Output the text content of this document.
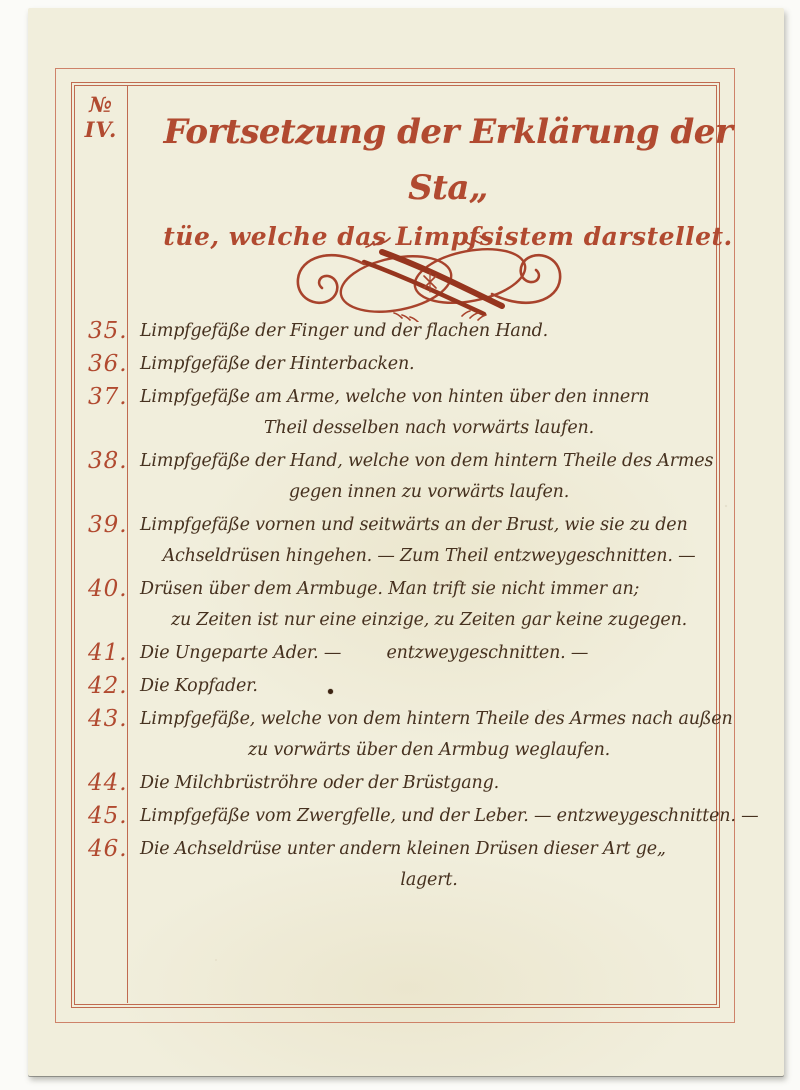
№ IV.	Fortsetzung der Erklärung der Sta„
tüe, welche das Limpfsistem darstellet.
35. Limpfgefäße der Finger und der flachen Hand.
36. Limpfgefäße der Hinterbacken.
37. Limpfgefäße am Arme, welche von hinten über den innern
Theil desselben nach vorwärts laufen.
38. Limpfgefäße der Hand, welche von dem hintern Theile des Armes
gegen innen zu vorwärts laufen.
39. Limpfgefäße vornen und seitwärts an der Brust, wie sie zu den
Achseldrüsen hingehen. — Zum Theil entzweygeschnitten. —
40. Drüsen über dem Armbuge. Man trift sie nicht immer an;
zu Zeiten ist nur eine einzige, zu Zeiten gar keine zugegen.
41. Die Ungeparte Ader. —    entzweygeschnitten. —
42. Die Kopfader.
43. Limpfgefäße, welche von dem hintern Theile des Armes nach außen
zu vorwärts über den Armbug weglaufen.
44. Die Milchbrüströhre oder der Brüstgang.
45. Limpfgefäße vom Zwergfelle, und der Leber. — entzweygeschnitten. —
46. Die Achseldrüse unter andern kleinen Drüsen dieser Art ge„
lagert.
